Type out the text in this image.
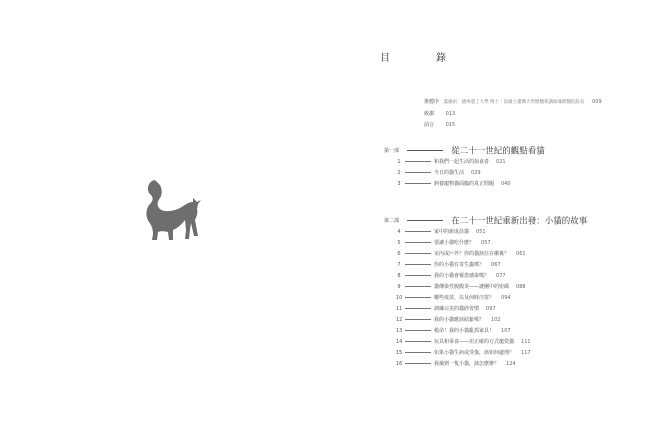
目　錄
推薦序 葉慶祈．德州農工大學 博士｜前國立臺灣大學獸醫系講師兼獸醫院院長 009
致謝 013
前言 015
第一部	從二十一世紀的觀點看貓
1	和我們一起生活的掠食者 021
2	今日的貓生活 029
3	飼養寵物貓面臨的真正問題 040
第二部	在二十一世紀重新出發：小貓的故事
4	家中的新成員貓 051
5	要讓小貓吃什麼？ 057
6	室內或戶外？你的貓該住在哪裏？ 061
7	你的小貓有寄生蟲嗎？ 067
8	我的小貓會罹患感染嗎？ 077
9	貓傳染性腹膜炎——謎團中的密碼 088
10	哪些疫苗，以及何時注射？ 094
11	訓練完美的貓砂習慣 097
12	我的小貓應該結紮嗎？ 102
13	救命！我的小貓亂抓家具！ 107
14	玩具和零食——用正確的方式寵愛貓 111
15	如果小貓生病或受傷，該如何處理？ 117
16	我撿到一隻小貓，該怎麼辦？ 124
